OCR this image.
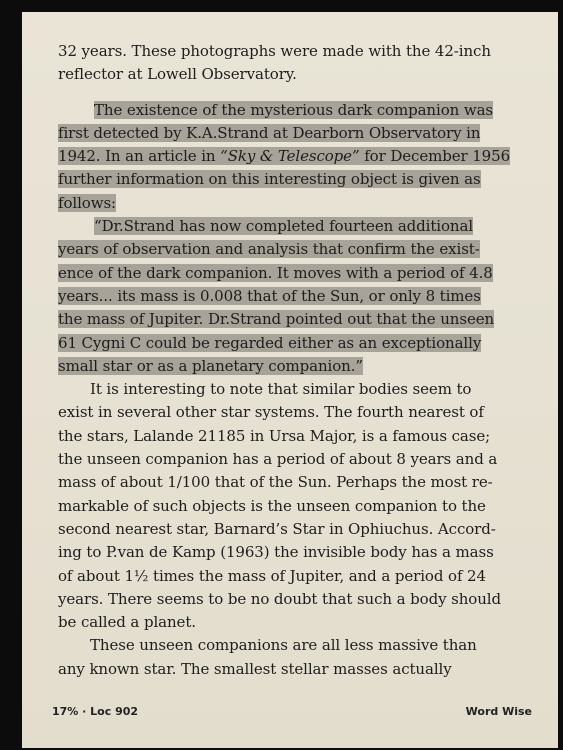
32 years. These photographs were made with the 42-inch
reflector at Lowell Observatory.
The existence of the mysterious dark companion was
first detected by K.A.Strand at Dearborn Observatory in
1942. In an article in “Sky & Telescope” for December 1956
further information on this interesting object is given as
follows:
“Dr.Strand has now completed fourteen additional
years of observation and analysis that confirm the exist-
ence of the dark companion. It moves with a period of 4.8
years... its mass is 0.008 that of the Sun, or only 8 times
the mass of Jupiter. Dr.Strand pointed out that the unseen
61 Cygni C could be regarded either as an exceptionally
small star or as a planetary companion.”
It is interesting to note that similar bodies seem to
exist in several other star systems. The fourth nearest of
the stars, Lalande 21185 in Ursa Major, is a famous case;
the unseen companion has a period of about 8 years and a
mass of about 1/100 that of the Sun. Perhaps the most re-
markable of such objects is the unseen companion to the
second nearest star, Barnard’s Star in Ophiuchus. Accord-
ing to P.van de Kamp (1963) the invisible body has a mass
of about 1½ times the mass of Jupiter, and a period of 24
years. There seems to be no doubt that such a body should
be called a planet.
These unseen companions are all less massive than
any known star. The smallest stellar masses actually
17% · Loc 902	Word Wise
